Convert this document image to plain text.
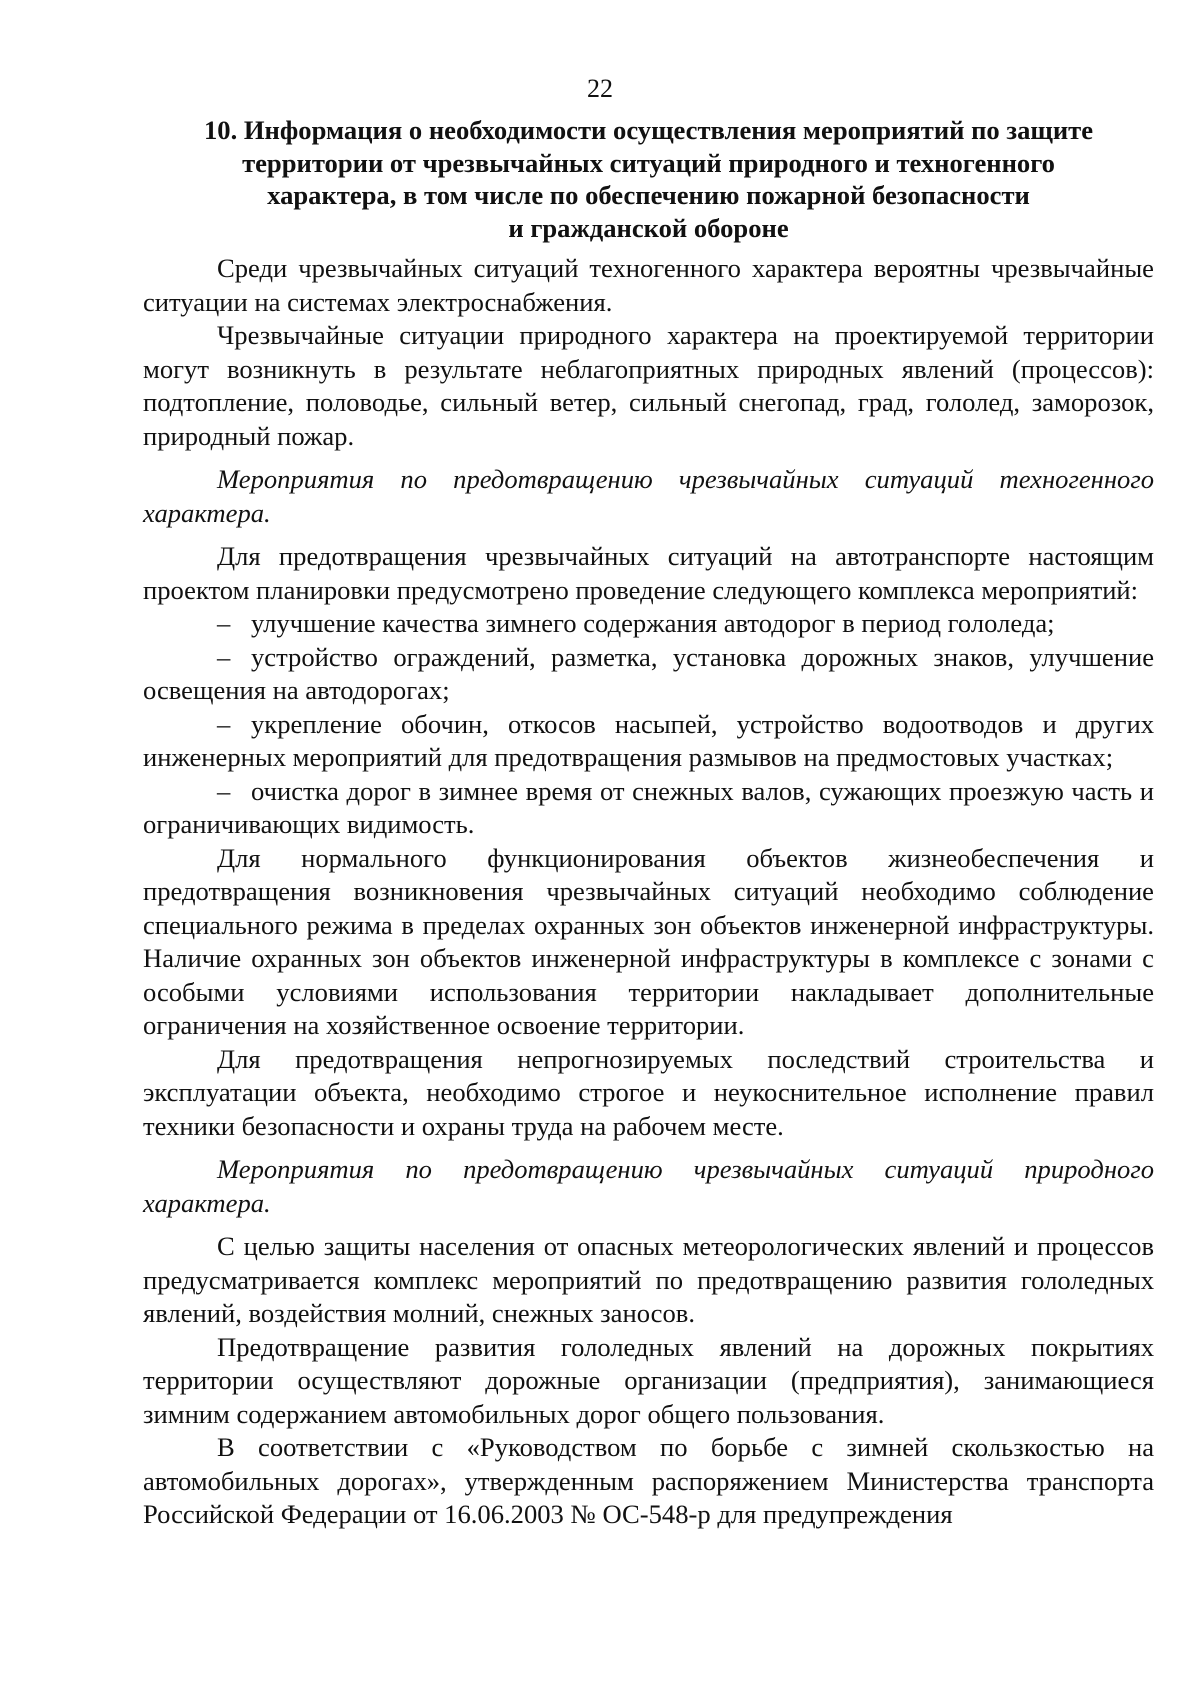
22
10. Информация о необходимости осуществления мероприятий по защите
территории от чрезвычайных ситуаций природного и техногенного
характера, в том числе по обеспечению пожарной безопасности
и гражданской обороне

Среди чрезвычайных ситуаций техногенного характера вероятны чрезвычайные ситуации на системах электроснабжения.

Чрезвычайные ситуации природного характера на проектируемой территории могут возникнуть в результате неблагоприятных природных явлений (процессов): подтопление, половодье, сильный ветер, сильный снегопад, град, гололед, заморозок, природный пожар.

Мероприятия по предотвращению чрезвычайных ситуаций техногенного характера.

Для предотвращения чрезвычайных ситуаций на автотранспорте настоящим проектом планировки предусмотрено проведение следующего комплекса мероприятий:

– улучшение качества зимнего содержания автодорог в период гололеда;

– устройство ограждений, разметка, установка дорожных знаков, улучшение освещения на автодорогах;

– укрепление обочин, откосов насыпей, устройство водоотводов и других инженерных мероприятий для предотвращения размывов на предмостовых участках;

– очистка дорог в зимнее время от снежных валов, сужающих проезжую часть и ограничивающих видимость.

Для нормального функционирования объектов жизнеобеспечения и предотвращения возникновения чрезвычайных ситуаций необходимо соблюдение специального режима в пределах охранных зон объектов инженерной инфраструктуры. Наличие охранных зон объектов инженерной инфраструктуры в комплексе с зонами с особыми условиями использования территории накладывает дополнительные ограничения на хозяйственное освоение территории.

Для предотвращения непрогнозируемых последствий строительства и эксплуатации объекта, необходимо строгое и неукоснительное исполнение правил техники безопасности и охраны труда на рабочем месте.

Мероприятия по предотвращению чрезвычайных ситуаций природного характера.

С целью защиты населения от опасных метеорологических явлений и процессов предусматривается комплекс мероприятий по предотвращению развития гололедных явлений, воздействия молний, снежных заносов.

Предотвращение развития гололедных явлений на дорожных покрытиях территории осуществляют дорожные организации (предприятия), занимающиеся зимним содержанием автомобильных дорог общего пользования.

В соответствии с «Руководством по борьбе с зимней скользкостью на автомобильных дорогах», утвержденным распоряжением Министерства транспорта Российской Федерации от 16.06.2003 № ОС-548-р для предупреждения
